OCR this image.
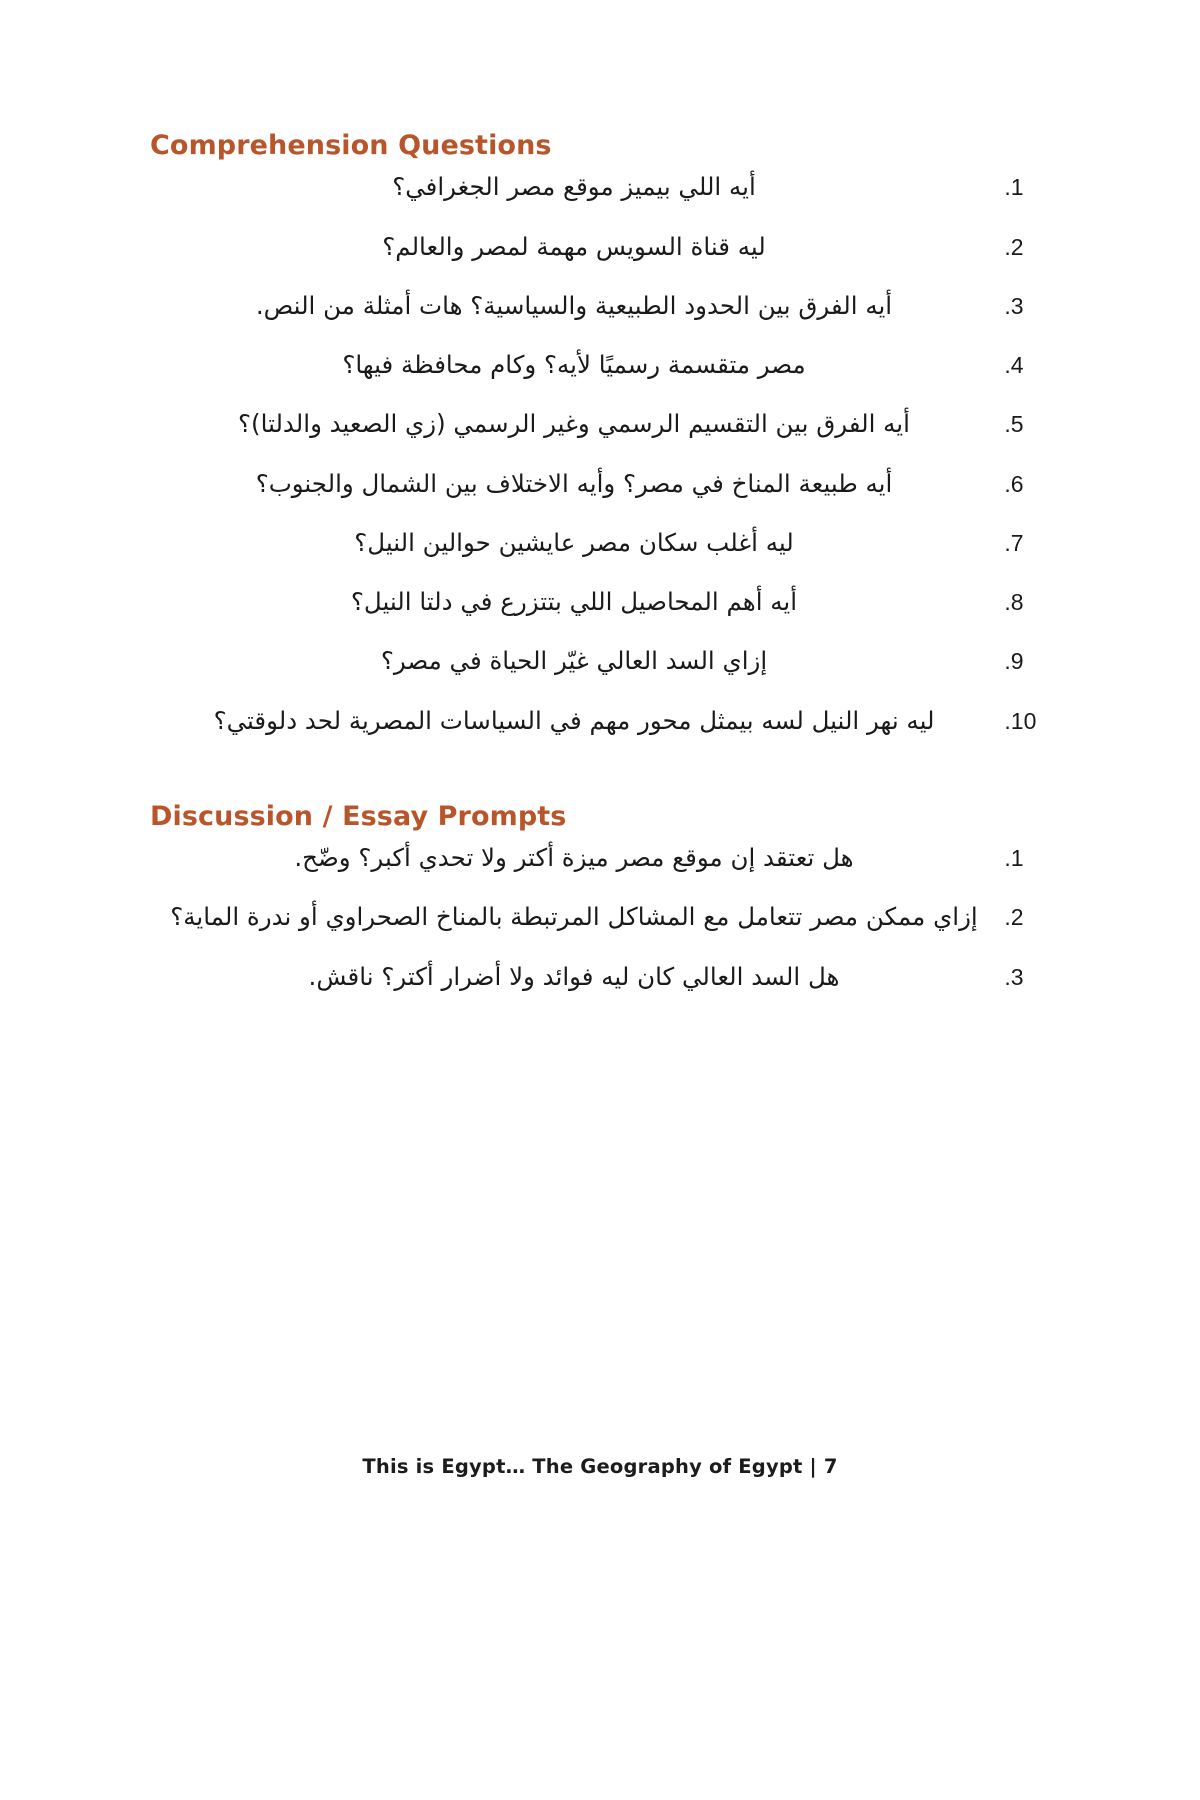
Comprehension Questions
1. أيه اللي بيميز موقع مصر الجغرافي؟
2. ليه قناة السويس مهمة لمصر والعالم؟
3. أيه الفرق بين الحدود الطبيعية والسياسية؟ هات أمثلة من النص.
4. مصر متقسمة رسميًا لأيه؟ وكام محافظة فيها؟
5. أيه الفرق بين التقسيم الرسمي وغير الرسمي (زي الصعيد والدلتا)؟
6. أيه طبيعة المناخ في مصر؟ وأيه الاختلاف بين الشمال والجنوب؟
7. ليه أغلب سكان مصر عايشين حوالين النيل؟
8. أيه أهم المحاصيل اللي بتتزرع في دلتا النيل؟
9. إزاي السد العالي غيّر الحياة في مصر؟
10. ليه نهر النيل لسه بيمثل محور مهم في السياسات المصرية لحد دلوقتي؟
Discussion / Essay Prompts
1. هل تعتقد إن موقع مصر ميزة أكتر ولا تحدي أكبر؟ وضّح.
2. إزاي ممكن مصر تتعامل مع المشاكل المرتبطة بالمناخ الصحراوي أو ندرة الماية؟
3. هل السد العالي كان ليه فوائد ولا أضرار أكتر؟ ناقش.
This is Egypt… The Geography of Egypt | 7
